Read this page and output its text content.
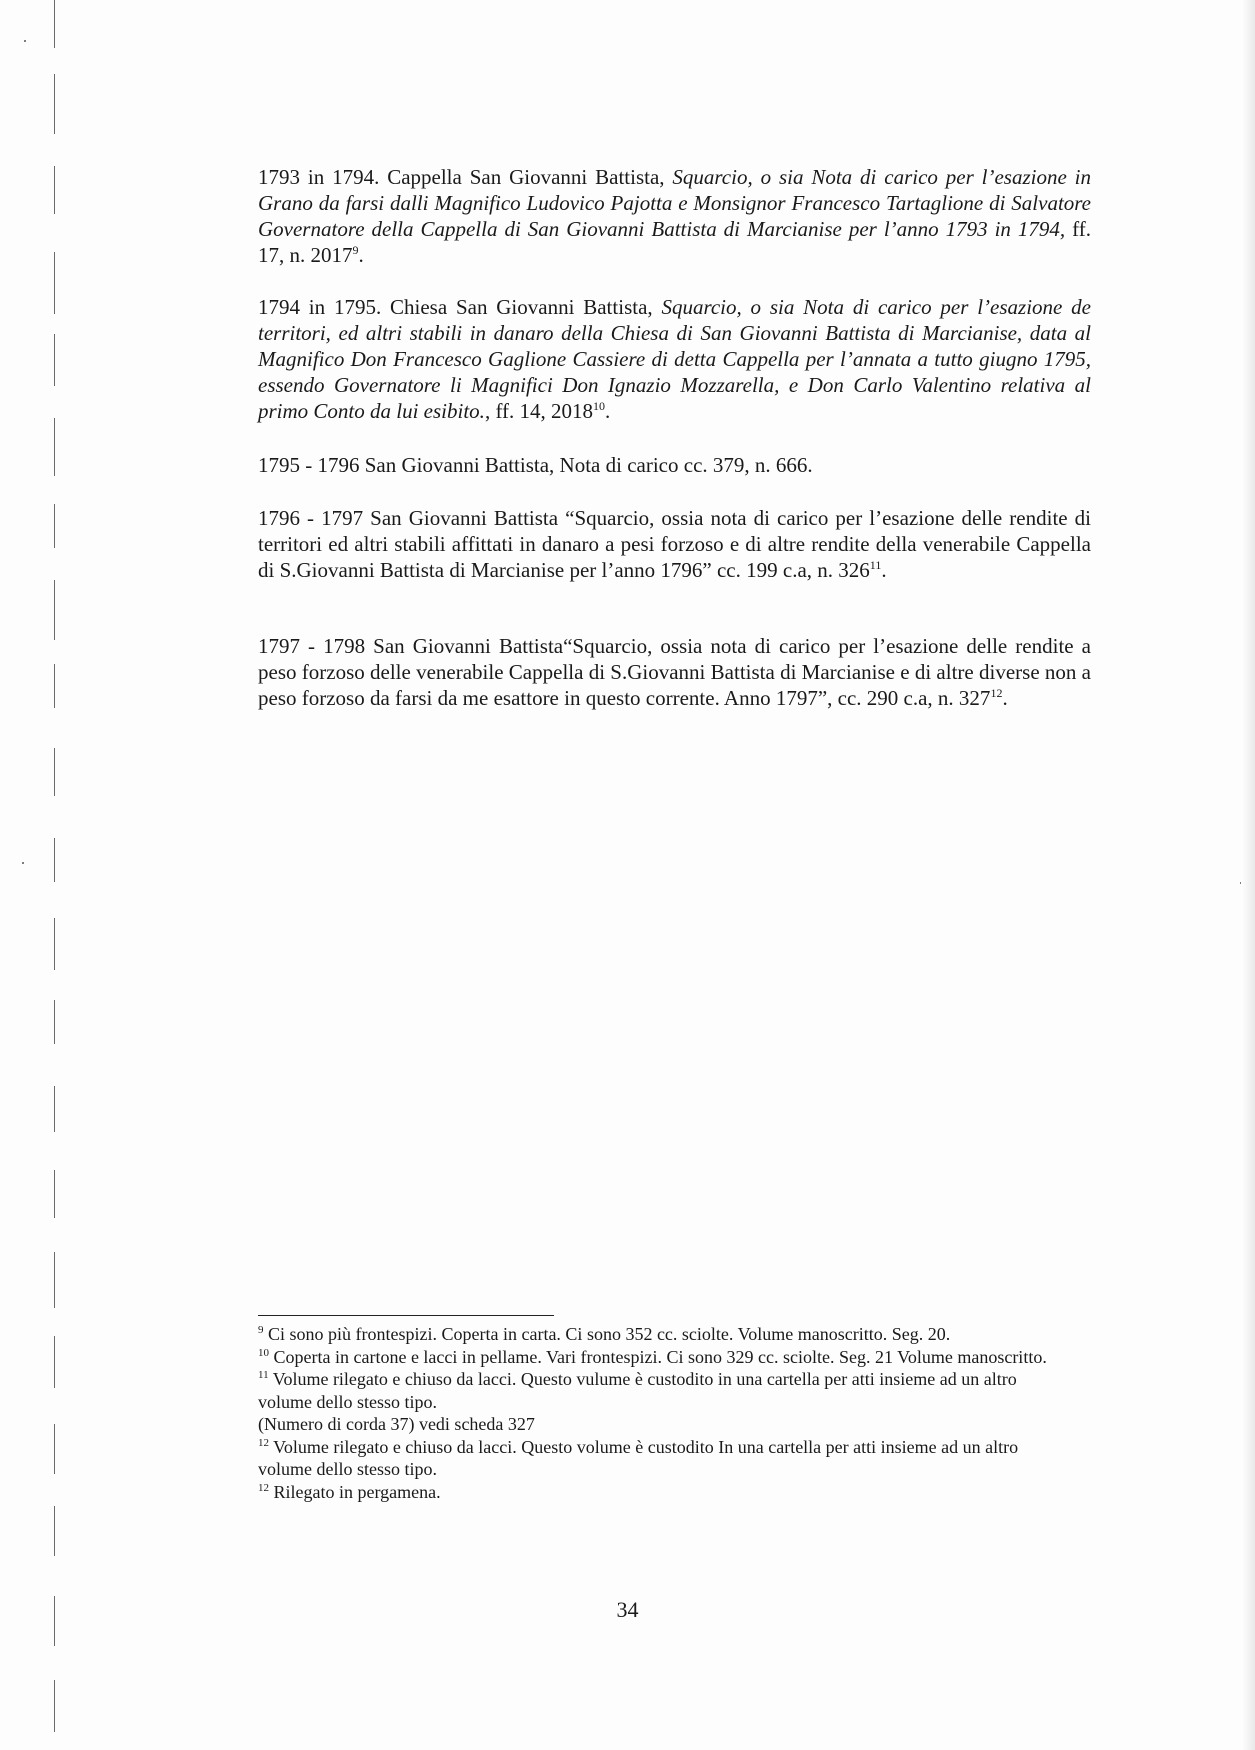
1793 in 1794. Cappella San Giovanni Battista, Squarcio, o sia Nota di carico per l’esazione in Grano da farsi dalli Magnifico Ludovico Pajotta e Monsignor Francesco Tartaglione di Salvatore Governatore della Cappella di San Giovanni Battista di Marcianise per l’anno 1793 in 1794, ff. 17, n. 2017$^9$.

1794 in 1795. Chiesa San Giovanni Battista, Squarcio, o sia Nota di carico per l’esazione de territori, ed altri stabili in danaro della Chiesa di San Giovanni Battista di Marcianise, data al Magnifico Don Francesco Gaglione Cassiere di detta Cappella per l’annata a tutto giugno 1795, essendo Governatore li Magnifici Don Ignazio Mozzarella, e Don Carlo Valentino relativa al primo Conto da lui esibito., ff. 14, 2018$^{10}$.

1795 - 1796 San Giovanni Battista, Nota di carico cc. 379, n. 666.

1796 - 1797 San Giovanni Battista “Squarcio, ossia nota di carico per l’esazione delle rendite di territori ed altri stabili affittati in danaro a pesi forzoso e di altre rendite della venerabile Cappella di S.Giovanni Battista di Marcianise per l’anno 1796” cc. 199 c.a, n. $326^{11}$.

1797 - 1798 San Giovanni Battista“Squarcio, ossia nota di carico per l’esazione delle rendite a peso forzoso delle venerabile Cappella di S.Giovanni Battista di Marcianise e di altre diverse non a peso forzoso da farsi da me esattore in questo corrente. Anno 1797”, cc. 290 c.a, n. $327^{12}$.

$^9$ Ci sono più frontespizi. Coperta in carta. Ci sono 352 cc. sciolte. Volume manoscritto. Seg. 20.

$^{10}$ Coperta in cartone e lacci in pellame. Vari frontespizi. Ci sono 329 cc. sciolte. Seg. 21 Volume manoscritto.

$^{11}$ Volume rilegato e chiuso da lacci. Questo vulume è custodito in una cartella per atti insieme ad un altro volume dello stesso tipo.

(Numero di corda 37) vedi scheda 327

$^{12}$ Volume rilegato e chiuso da lacci. Questo volume è custodito In una cartella per atti insieme ad un altro volume dello stesso tipo.

$^{12}$ Rilegato in pergamena.

34
